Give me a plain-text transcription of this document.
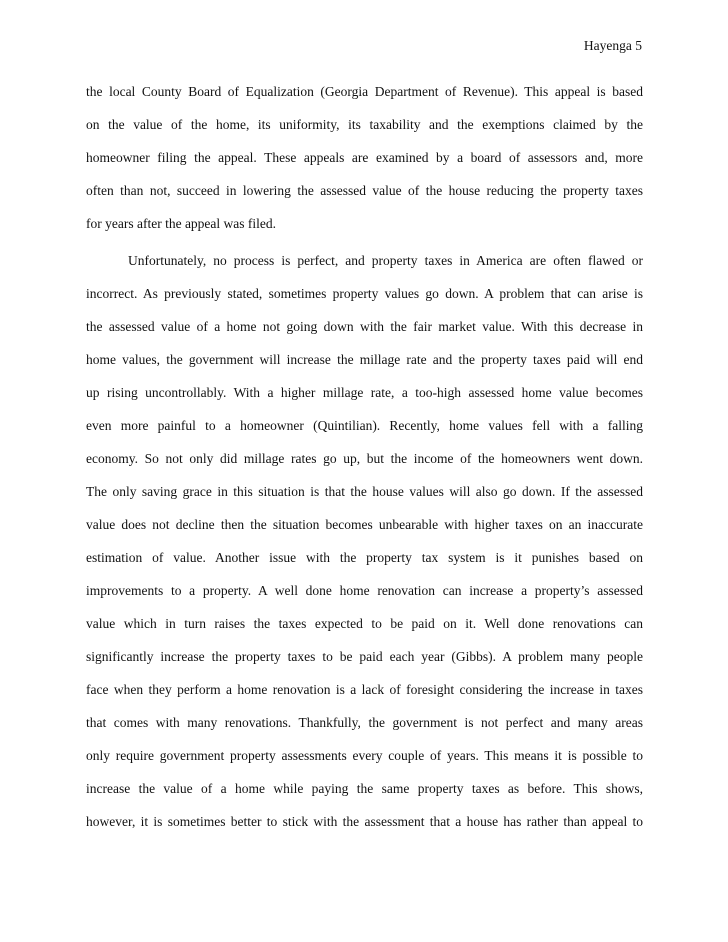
Hayenga 5
the local County Board of Equalization (Georgia Department of Revenue). This appeal is based
on the value of the home, its uniformity, its taxability and the exemptions claimed by the
homeowner filing the appeal. These appeals are examined by a board of assessors and, more
often than not, succeed in lowering the assessed value of the house reducing the property taxes
for years after the appeal was filed.
Unfortunately, no process is perfect, and property taxes in America are often flawed or
incorrect. As previously stated, sometimes property values go down. A problem that can arise is
the assessed value of a home not going down with the fair market value. With this decrease in
home values, the government will increase the millage rate and the property taxes paid will end
up rising uncontrollably. With a higher millage rate, a too-high assessed home value becomes
even more painful to a homeowner (Quintilian). Recently, home values fell with a falling
economy. So not only did millage rates go up, but the income of the homeowners went down.
The only saving grace in this situation is that the house values will also go down. If the assessed
value does not decline then the situation becomes unbearable with higher taxes on an inaccurate
estimation of value. Another issue with the property tax system is it punishes based on
improvements to a property. A well done home renovation can increase a property’s assessed
value which in turn raises the taxes expected to be paid on it. Well done renovations can
significantly increase the property taxes to be paid each year (Gibbs). A problem many people
face when they perform a home renovation is a lack of foresight considering the increase in taxes
that comes with many renovations. Thankfully, the government is not perfect and many areas
only require government property assessments every couple of years. This means it is possible to
increase the value of a home while paying the same property taxes as before. This shows,
however, it is sometimes better to stick with the assessment that a house has rather than appeal to
